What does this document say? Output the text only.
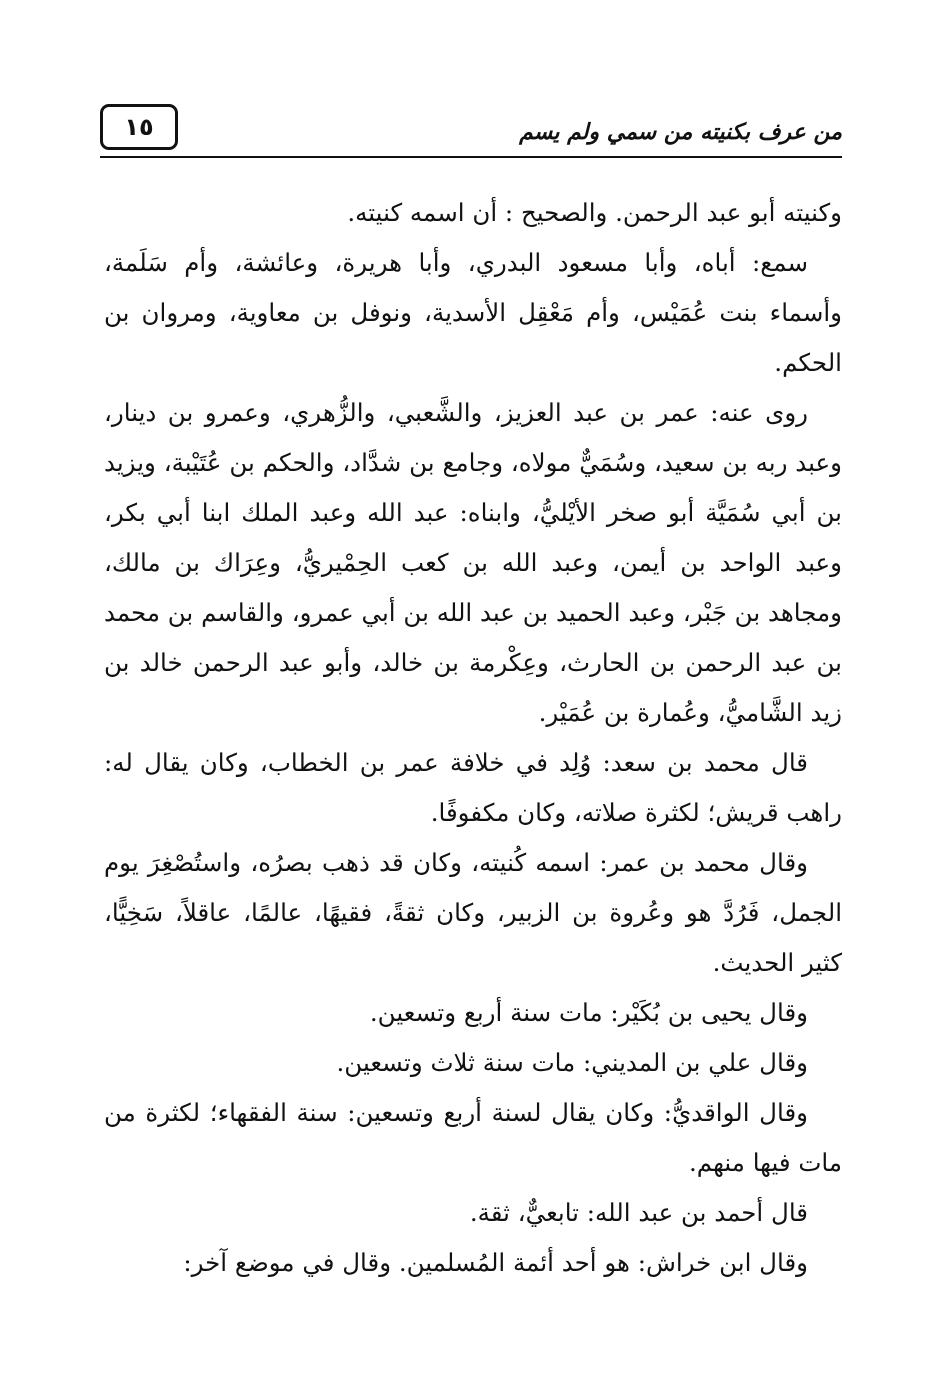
من عرف بكنيته من سمي ولم يسم
١٥

وكنيته أبو عبد الرحمن. والصحيح : أن اسمه كنيته.

سمع: أباه، وأبا مسعود البدري، وأبا هريرة، وعائشة، وأم سَلَمة، وأسماء بنت عُمَيْس، وأم مَعْقِل الأسدية، ونوفل بن معاوية، ومروان بن الحكم.

روى عنه: عمر بن عبد العزيز، والشَّعبي، والزُّهري، وعمرو بن دينار، وعبد ربه بن سعيد، وسُمَيٌّ مولاه، وجامع بن شدَّاد، والحكم بن عُتَيْبة، ويزيد بن أبي سُمَيَّة أبو صخر الأيْليُّ، وابناه: عبد الله وعبد الملك ابنا أبي بكر، وعبد الواحد بن أيمن، وعبد الله بن كعب الحِمْيريُّ، وعِرَاك بن مالك، ومجاهد بن جَبْر، وعبد الحميد بن عبد الله بن أبي عمرو، والقاسم بن محمد بن عبد الرحمن بن الحارث، وعِكْرمة بن خالد، وأبو عبد الرحمن خالد بن زيد الشَّاميُّ، وعُمارة بن عُمَيْر.

قال محمد بن سعد: وُلِد في خلافة عمر بن الخطاب، وكان يقال له: راهب قريش؛ لكثرة صلاته، وكان مكفوفًا.

وقال محمد بن عمر: اسمه كُنيته، وكان قد ذهب بصرُه، واستُصْغِرَ يوم الجمل، فَرُدَّ هو وعُروة بن الزبير، وكان ثقةً، فقيهًا، عالمًا، عاقلاً، سَخِيًّا، كثير الحديث.

وقال يحيى بن بُكَيْر: مات سنة أربع وتسعين.

وقال علي بن المديني: مات سنة ثلاث وتسعين.

وقال الواقديُّ: وكان يقال لسنة أربع وتسعين: سنة الفقهاء؛ لكثرة من مات فيها منهم.

قال أحمد بن عبد الله: تابعيٌّ، ثقة.

وقال ابن خراش: هو أحد أئمة المُسلمين. وقال في موضع آخر:
